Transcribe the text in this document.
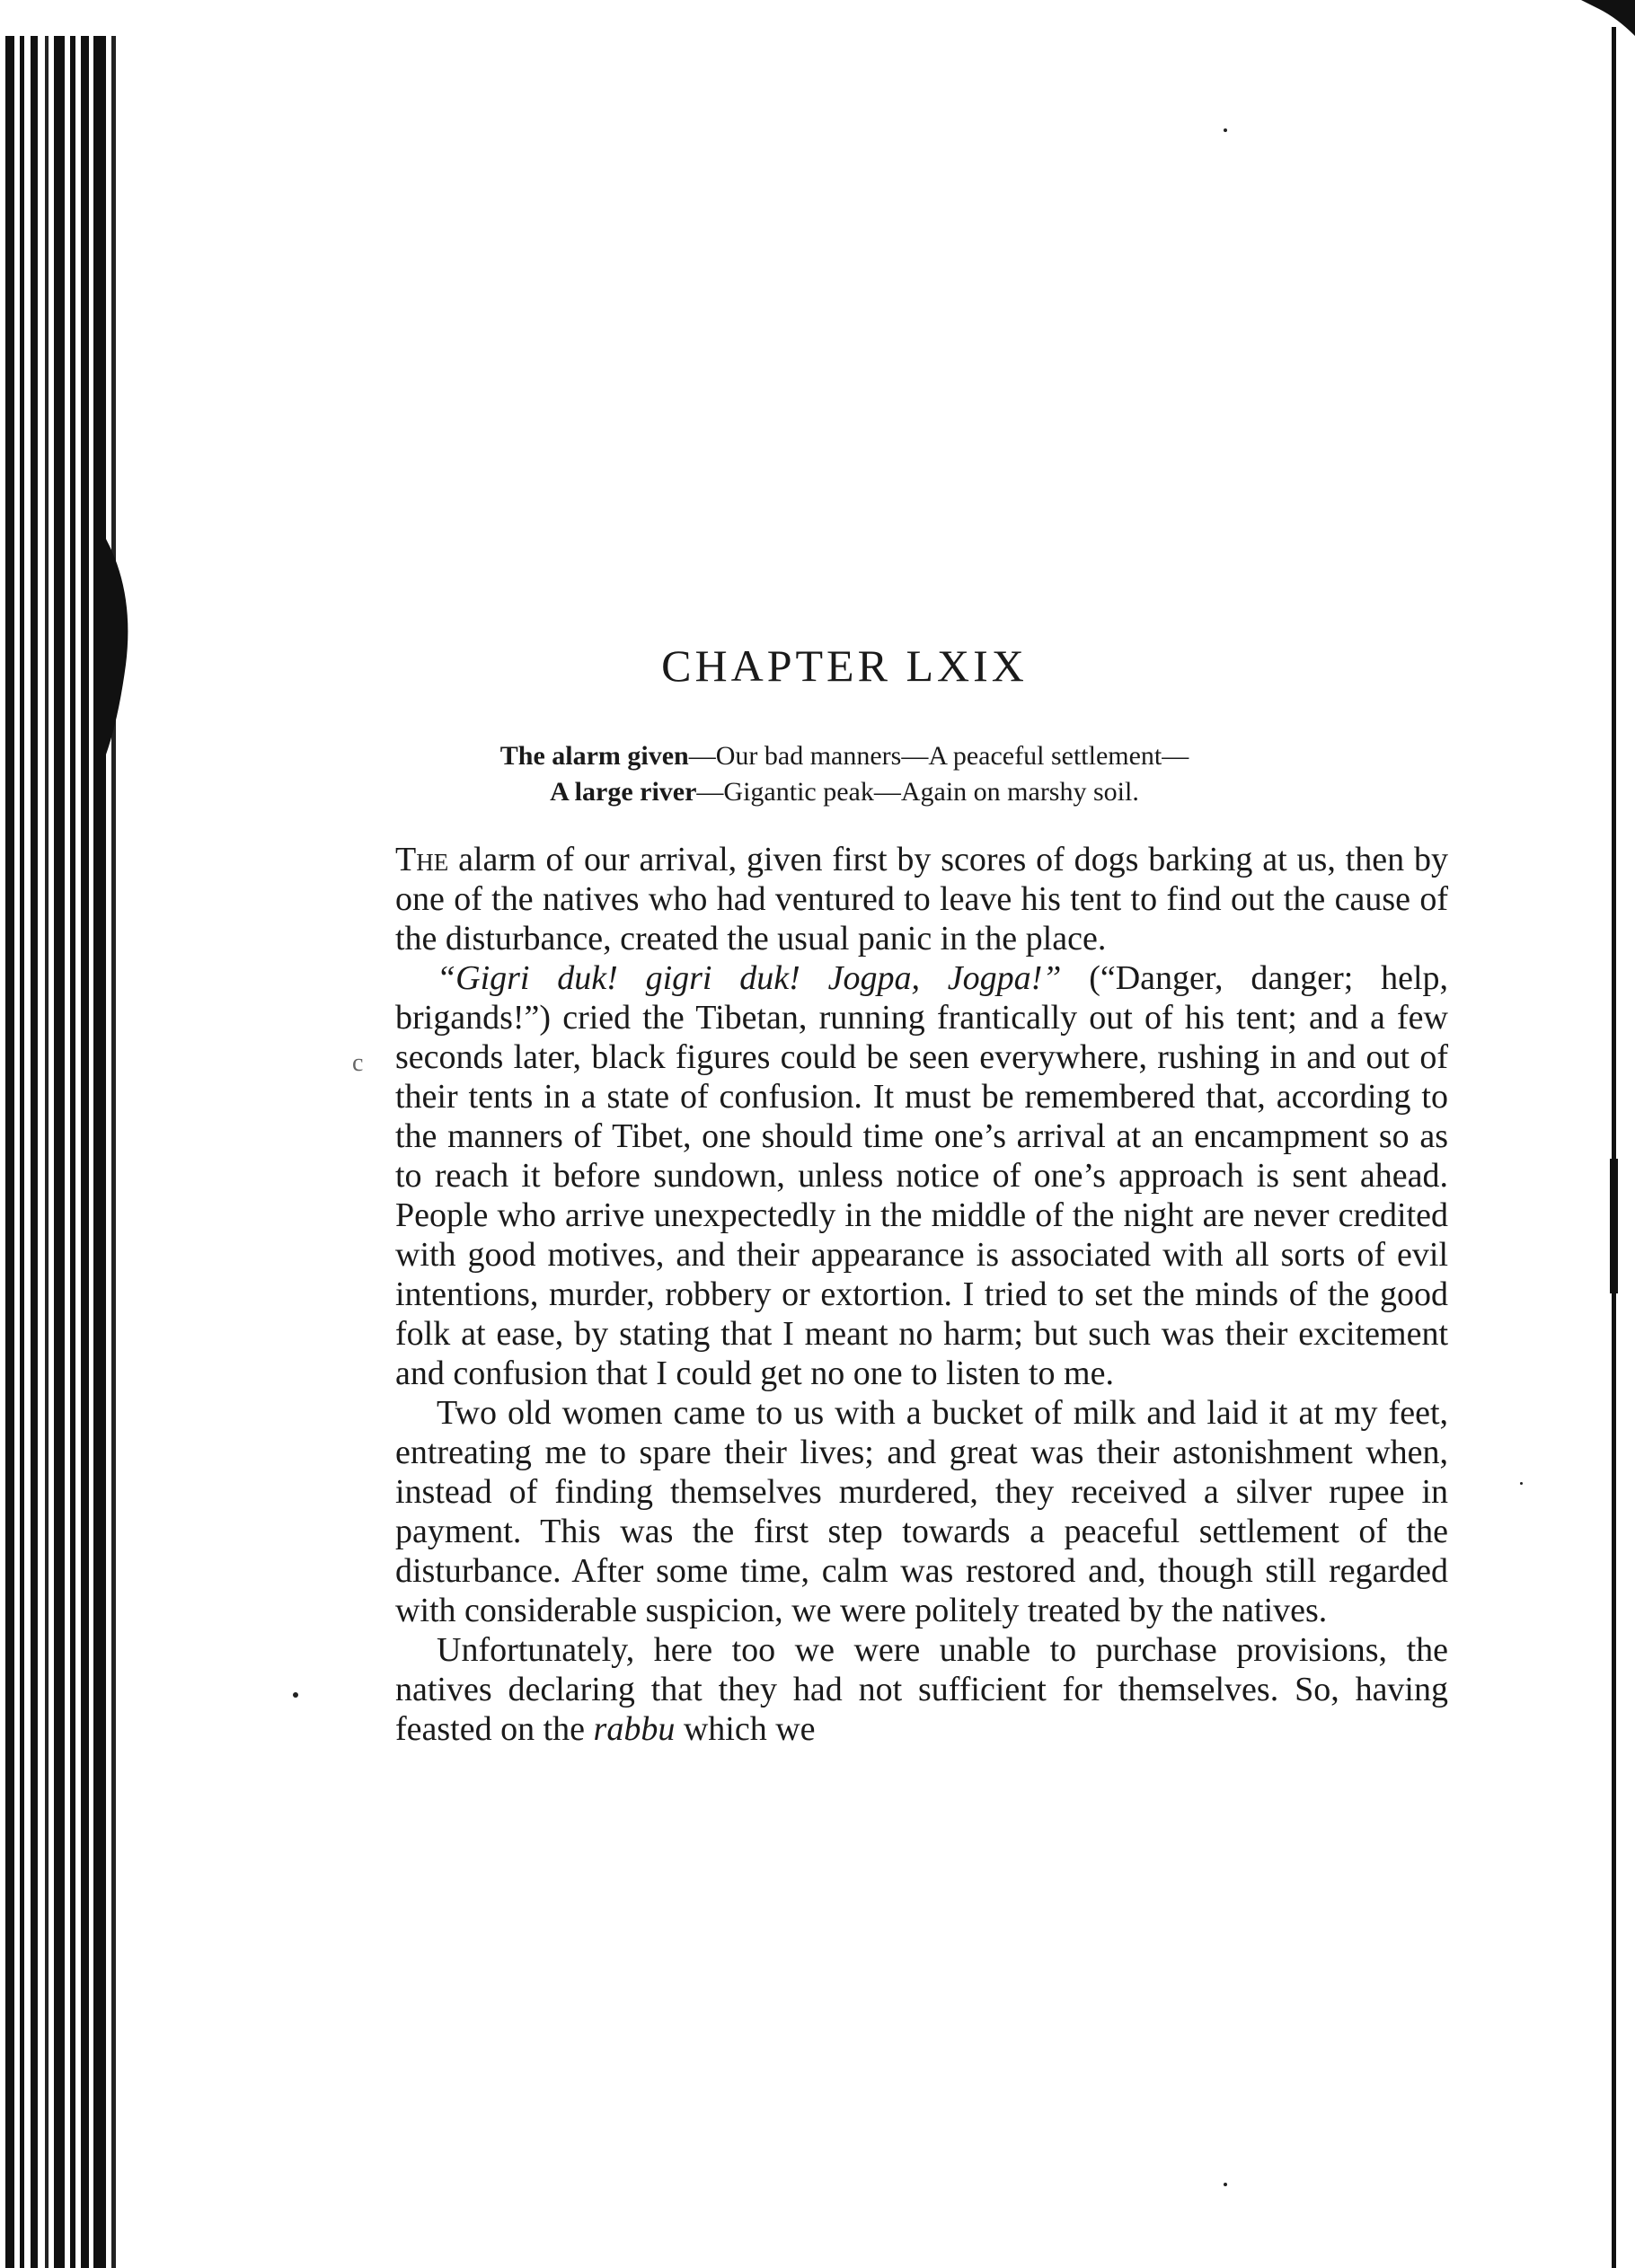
CHAPTER LXIX
The alarm given—Our bad manners—A peaceful settlement—
A large river—Gigantic peak—Again on marshy soil.

The alarm of our arrival, given first by scores of dogs barking at us, then by one of the natives who had ventured to leave his tent to find out the cause of the disturbance, created the usual panic in the place.

“Gigri duk! gigri duk! Jogpa, Jogpa!” (“Danger, danger; help, brigands!”) cried the Tibetan, running frantically out of his tent; and a few seconds later, black figures could be seen everywhere, rushing in and out of their tents in a state of confusion. It must be remembered that, according to the manners of Tibet, one should time one’s arrival at an encampment so as to reach it before sundown, unless notice of one’s approach is sent ahead. People who arrive unexpectedly in the middle of the night are never credited with good motives, and their appearance is associated with all sorts of evil intentions, murder, robbery or extortion. I tried to set the minds of the good folk at ease, by stating that I meant no harm; but such was their excitement and confusion that I could get no one to listen to me.

Two old women came to us with a bucket of milk and laid it at my feet, entreating me to spare their lives; and great was their astonishment when, instead of finding themselves murdered, they received a silver rupee in payment. This was the first step towards a peaceful settlement of the disturbance. After some time, calm was restored and, though still regarded with considerable suspicion, we were politely treated by the natives.

Unfortunately, here too we were unable to purchase provisions, the natives declaring that they had not sufficient for themselves. So, having feasted on the rabbu which we

c
